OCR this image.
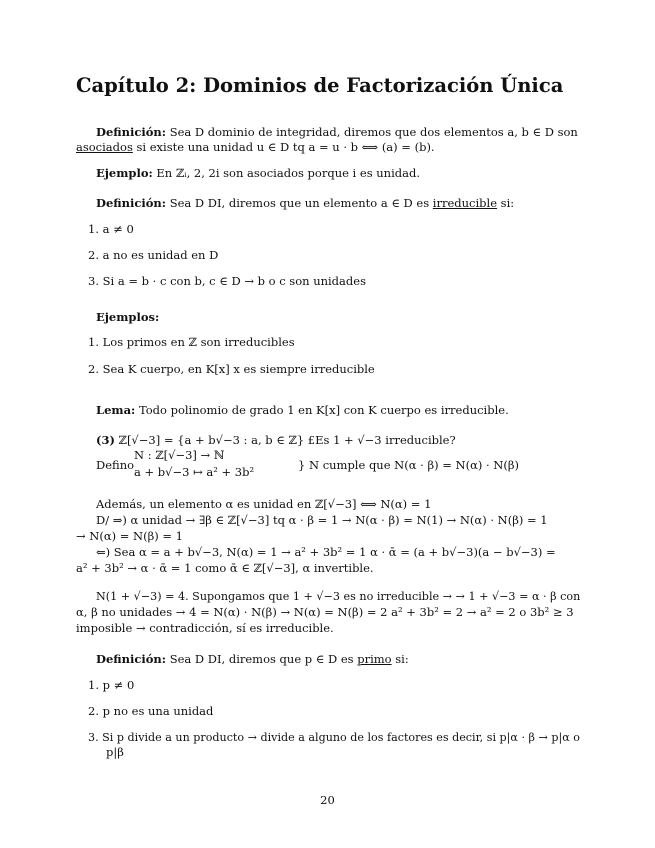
Capítulo 2: Dominios de Factorización Única
Definición: Sea D dominio de integridad, diremos que dos elementos a, b ∈ D son
asociados si existe una unidad u ∈ D tq a = u · b ⟺ (a) = (b).
Ejemplo: En ℤᵢ, 2, 2i son asociados porque i es unidad.
Definición: Sea D DI, diremos que un elemento a ∈ D es irreducible si:
1. a ≠ 0
2. a no es unidad en D
3. Si a = b · c con b, c ∈ D → b o c son unidades
Ejemplos:
1. Los primos en ℤ son irreducibles
2. Sea K cuerpo, en K[x] x es siempre irreducible
Lema: Todo polinomio de grado 1 en K[x] con K cuerpo es irreducible.
(3) ℤ[√−3] = {a + b√−3 : a, b ∈ ℤ} £Es 1 + √−3 irreducible?
N : ℤ[√−3] → ℕ
Defino a + b√−3 ↦ a² + 3b²	} N cumple que N(α · β) = N(α) · N(β)
Además, un elemento α es unidad en ℤ[√−3] ⟺ N(α) = 1
D/ ⇒) α unidad → ∃β ∈ ℤ[√−3] tq α · β = 1 → N(α · β) = N(1) → N(α) · N(β) = 1
→ N(α) = N(β) = 1
⇐) Sea α = a + b√−3, N(α) = 1 → a² + 3b² = 1 α · ᾱ = (a + b√−3)(a − b√−3) =
a² + 3b² → α · ᾱ = 1 como ᾱ ∈ ℤ[√−3], α invertible.
N(1 + √−3) = 4. Supongamos que 1 + √−3 es no irreducible → → 1 + √−3 = α · β con
α, β no unidades → 4 = N(α) · N(β) → N(α) = N(β) = 2 a² + 3b² = 2 → a² = 2 o 3b² ≥ 3
imposible → contradicción, sí es irreducible.
Definición: Sea D DI, diremos que p ∈ D es primo si:
1. p ≠ 0
2. p no es una unidad
3. Si p divide a un producto → divide a alguno de los factores es decir, si p|α · β → p|α o
p|β
20
